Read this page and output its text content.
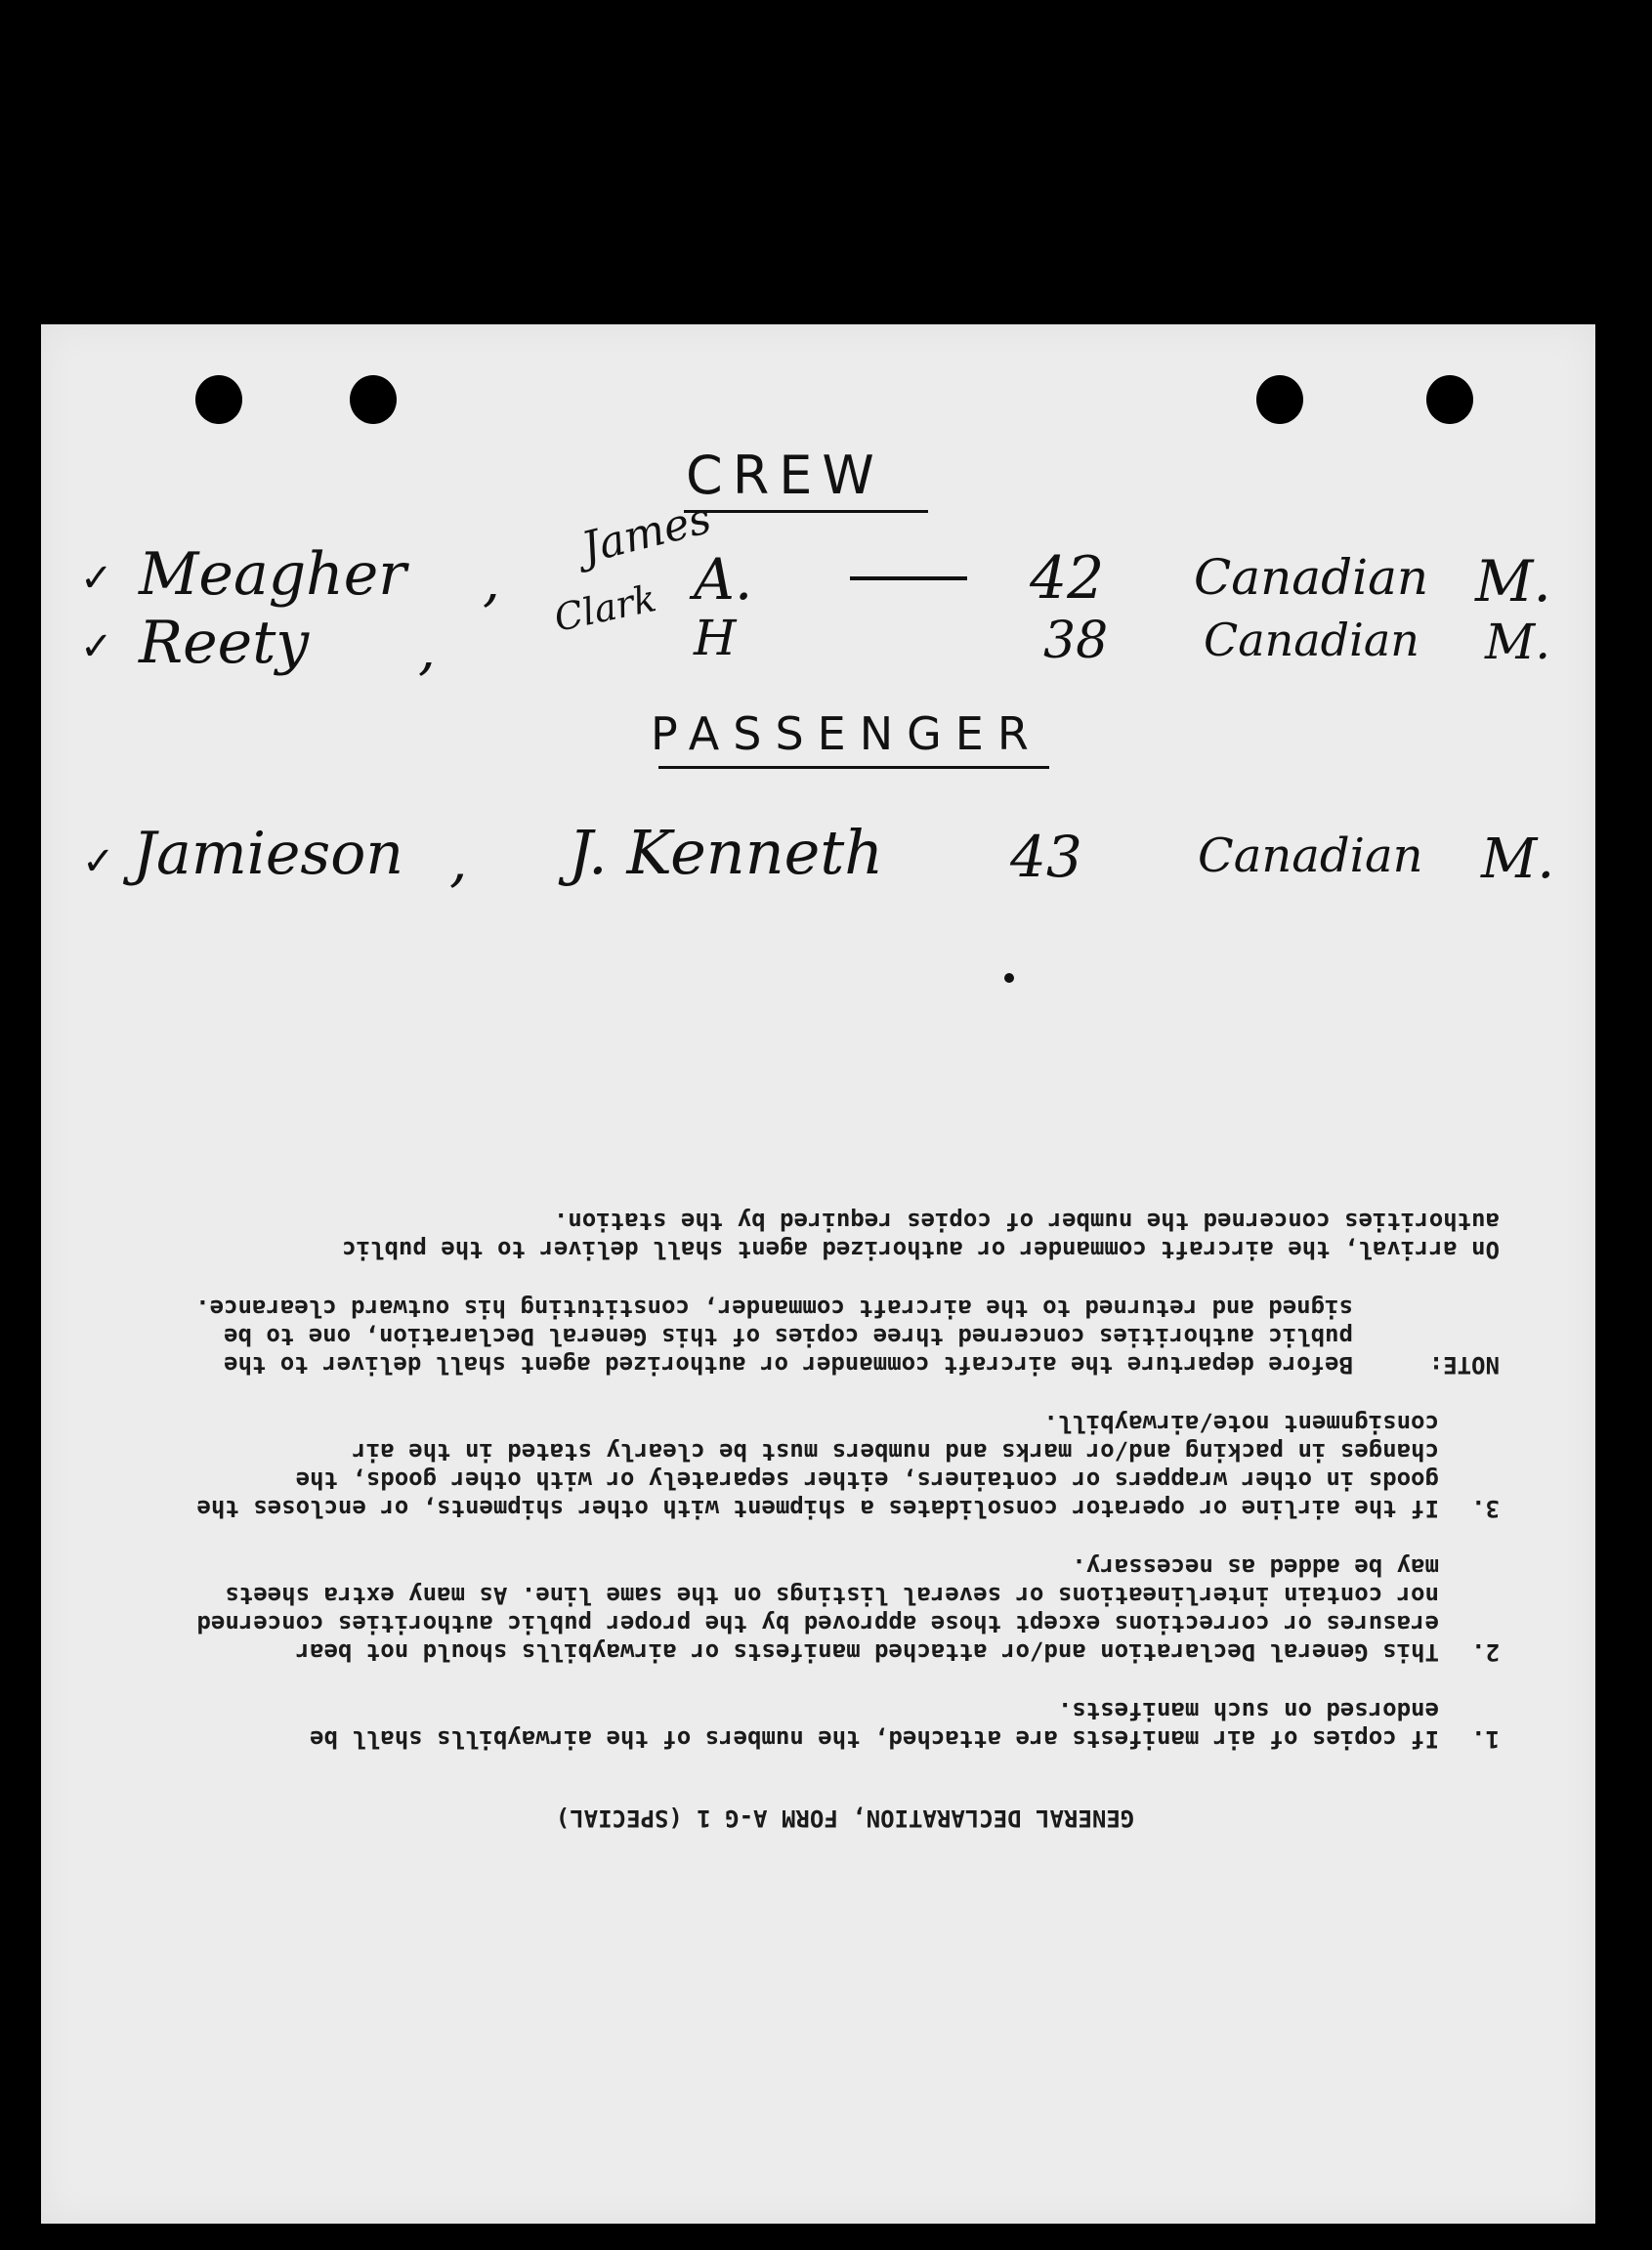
CREW
✓ Meagher ,
James
A.	42 Canadian M.
✓ Reety ,
Clark H	38 Canadian M.
PASSENGER
✓ Jamieson , J. Kenneth 43 Canadian M.

GENERAL DECLARATION, FORM A-G 1 (SPECIAL)

1.
If copies of air manifests are attached, the numbers of the airwaybills shall be endorsed on such manifests.
2.
This General Declaration and/or attached manifests or airwaybills should not bear erasures or corrections except those approved by the proper public authorities concerned nor contain interlineations or several listings on the same line. As many extra sheets may be added as necessary.
3.
If the airline or operator consolidates a shipment with other shipments, or encloses the goods in other wrappers or containers, either separately or with other goods, the changes in packing and/or marks and numbers must be clearly stated in the air consignment note/airwaybill.
NOTE:
Before departure the aircraft commander or authorized agent shall deliver to the public authorities concerned three copies of this General Declaration, one to be signed and returned to the aircraft commander, constituting his outward clearance.

On arrival, the aircraft commander or authorized agent shall deliver to the public authorities concerned the number of copies required by the station.
